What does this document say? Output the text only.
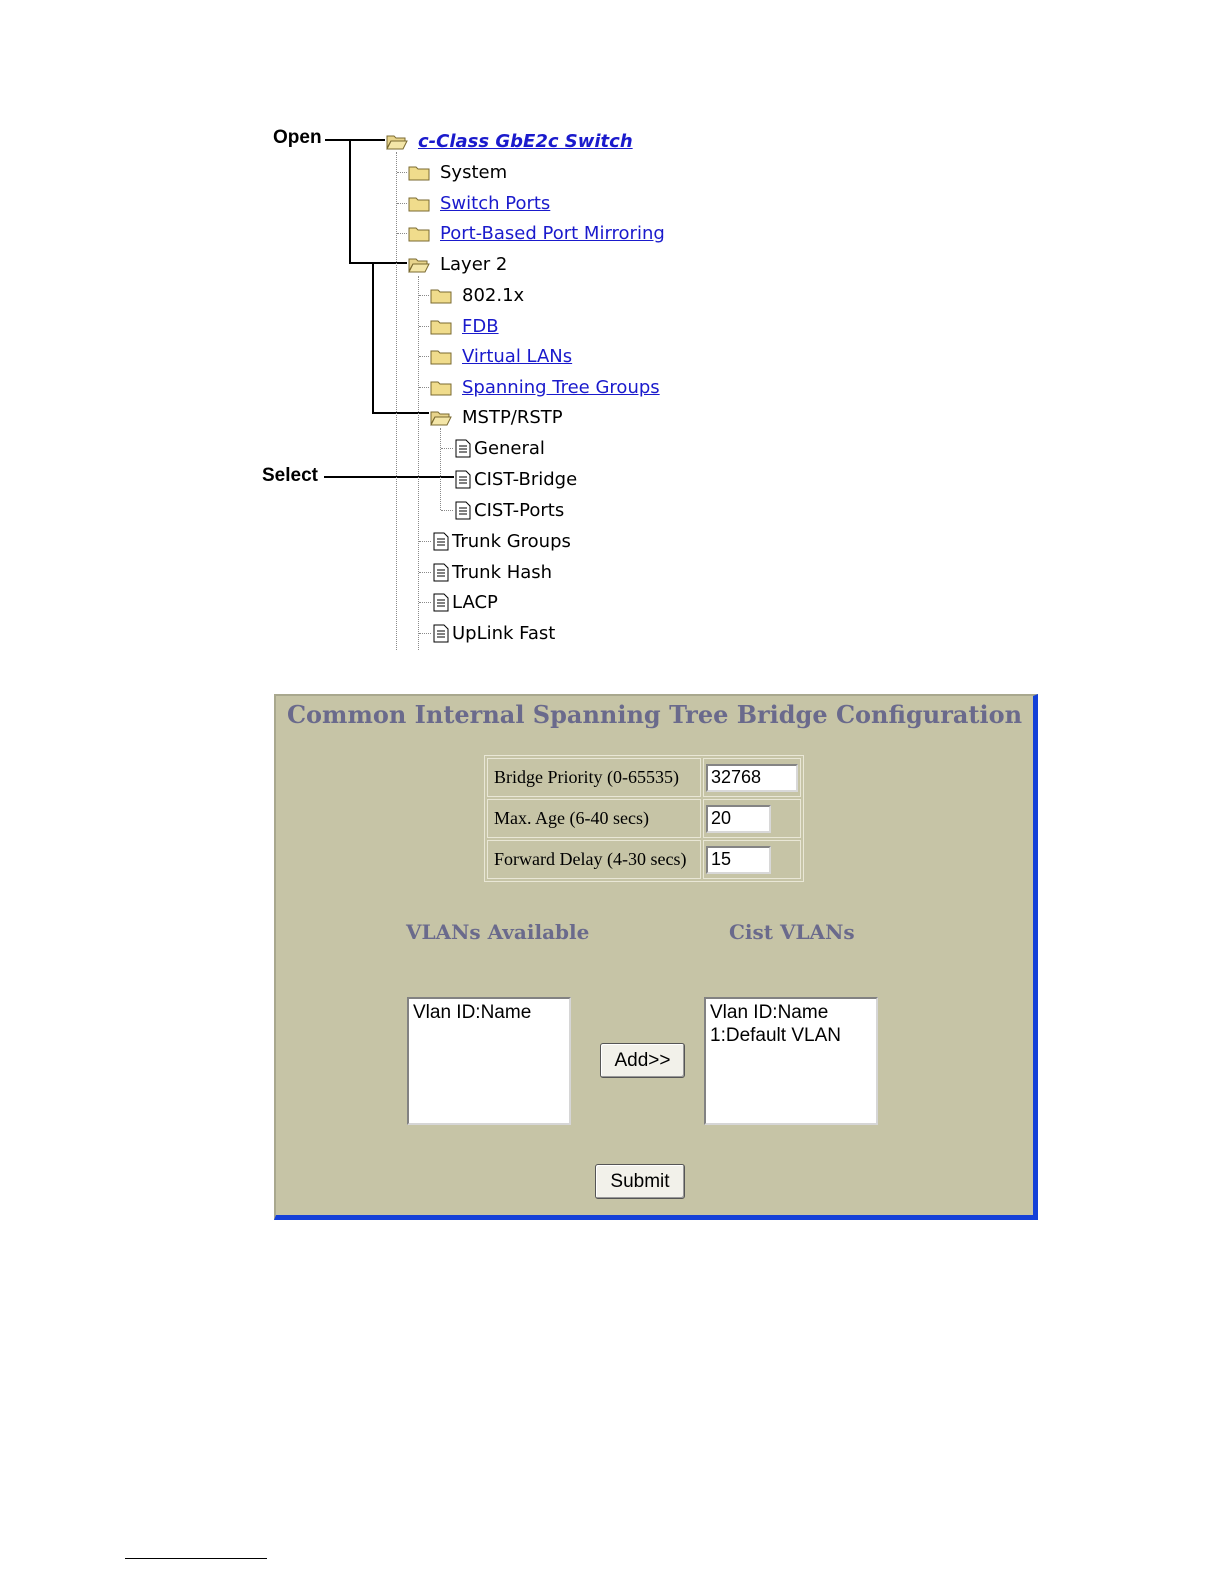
Open
Select
c-Class GbE2c Switch
System
Switch Ports
Port-Based Port Mirroring
Layer 2
802.1x
FDB
Virtual LANs
Spanning Tree Groups
MSTP/RSTP
General
CIST-Bridge
CIST-Ports
Trunk Groups
Trunk Hash
LACP
UpLink Fast
Common Internal Spanning Tree Bridge Configuration
Bridge Priority (0-65535)	32768
Max. Age (6-40 secs)	20
Forward Delay (4-30 secs)	15
VLANs Available	Cist VLANs
Vlan ID:Name
Add>>
Vlan ID:Name
1:Default VLAN
Submit
